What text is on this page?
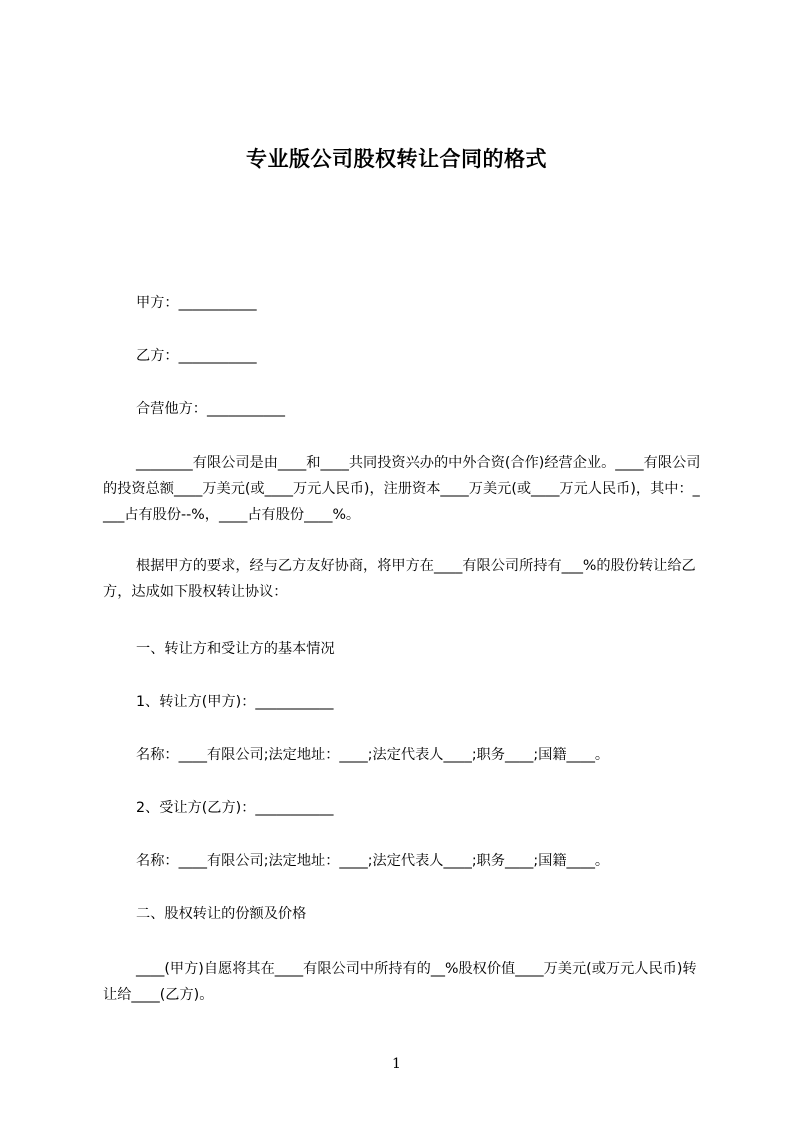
专业版公司股权转让合同的格式
甲方：___________
乙方：___________
合营他方：___________
________有限公司是由____和____共同投资兴办的中外合资(合作)经营企业。____有限公司的投资总额____万美元(或____万元人民币)，注册资本____万美元(或____万元人民币)，其中：____占有股份--%，____占有股份____%。
根据甲方的要求，经与乙方友好协商，将甲方在____有限公司所持有___%的股份转让给乙方，达成如下股权转让协议：
一、转让方和受让方的基本情况
1、转让方(甲方)：___________
名称：____有限公司;法定地址：____;法定代表人____;职务____;国籍____。
2、受让方(乙方)：___________
名称：____有限公司;法定地址：____;法定代表人____;职务____;国籍____。
二、股权转让的份额及价格
____(甲方)自愿将其在____有限公司中所持有的__%股权价值____万美元(或万元人民币)转让给____(乙方)。
1
